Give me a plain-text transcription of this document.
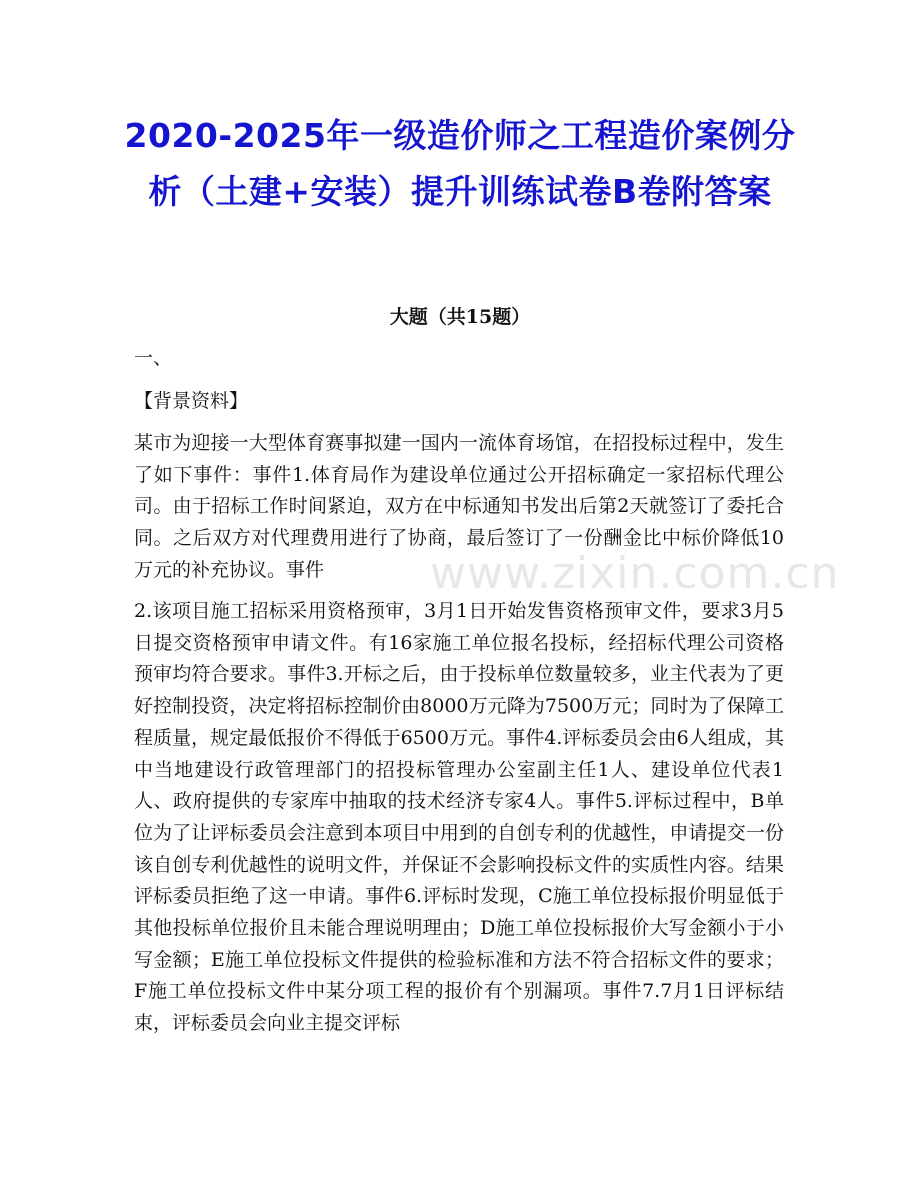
2020-2025年一级造价师之工程造价案例分析（土建+安装）提升训练试卷B卷附答案
大题（共15题）
一、
【背景资料】
某市为迎接一大型体育赛事拟建一国内一流体育场馆，在招投标过程中，发生了如下事件：事件1.体育局作为建设单位通过公开招标确定一家招标代理公司。由于招标工作时间紧迫，双方在中标通知书发出后第2天就签订了委托合同。之后双方对代理费用进行了协商，最后签订了一份酬金比中标价降低10万元的补充协议。事件
2.该项目施工招标采用资格预审，3月1日开始发售资格预审文件，要求3月5日提交资格预审申请文件。有16家施工单位报名投标，经招标代理公司资格预审均符合要求。事件3.开标之后，由于投标单位数量较多，业主代表为了更好控制投资，决定将招标控制价由8000万元降为7500万元；同时为了保障工程质量，规定最低报价不得低于6500万元。事件4.评标委员会由6人组成，其中当地建设行政管理部门的招投标管理办公室副主任1人、建设单位代表1人、政府提供的专家库中抽取的技术经济专家4人。事件5.评标过程中，B单位为了让评标委员会注意到本项目中用到的自创专利的优越性，申请提交一份该自创专利优越性的说明文件，并保证不会影响投标文件的实质性内容。结果评标委员拒绝了这一申请。事件6.评标时发现，C施工单位投标报价明显低于其他投标单位报价且未能合理说明理由；D施工单位投标报价大写金额小于小写金额；E施工单位投标文件提供的检验标准和方法不符合招标文件的要求；F施工单位投标文件中某分项工程的报价有个别漏项。事件7.7月1日评标结束，评标委员会向业主提交评标
www.zixin.com.cn
